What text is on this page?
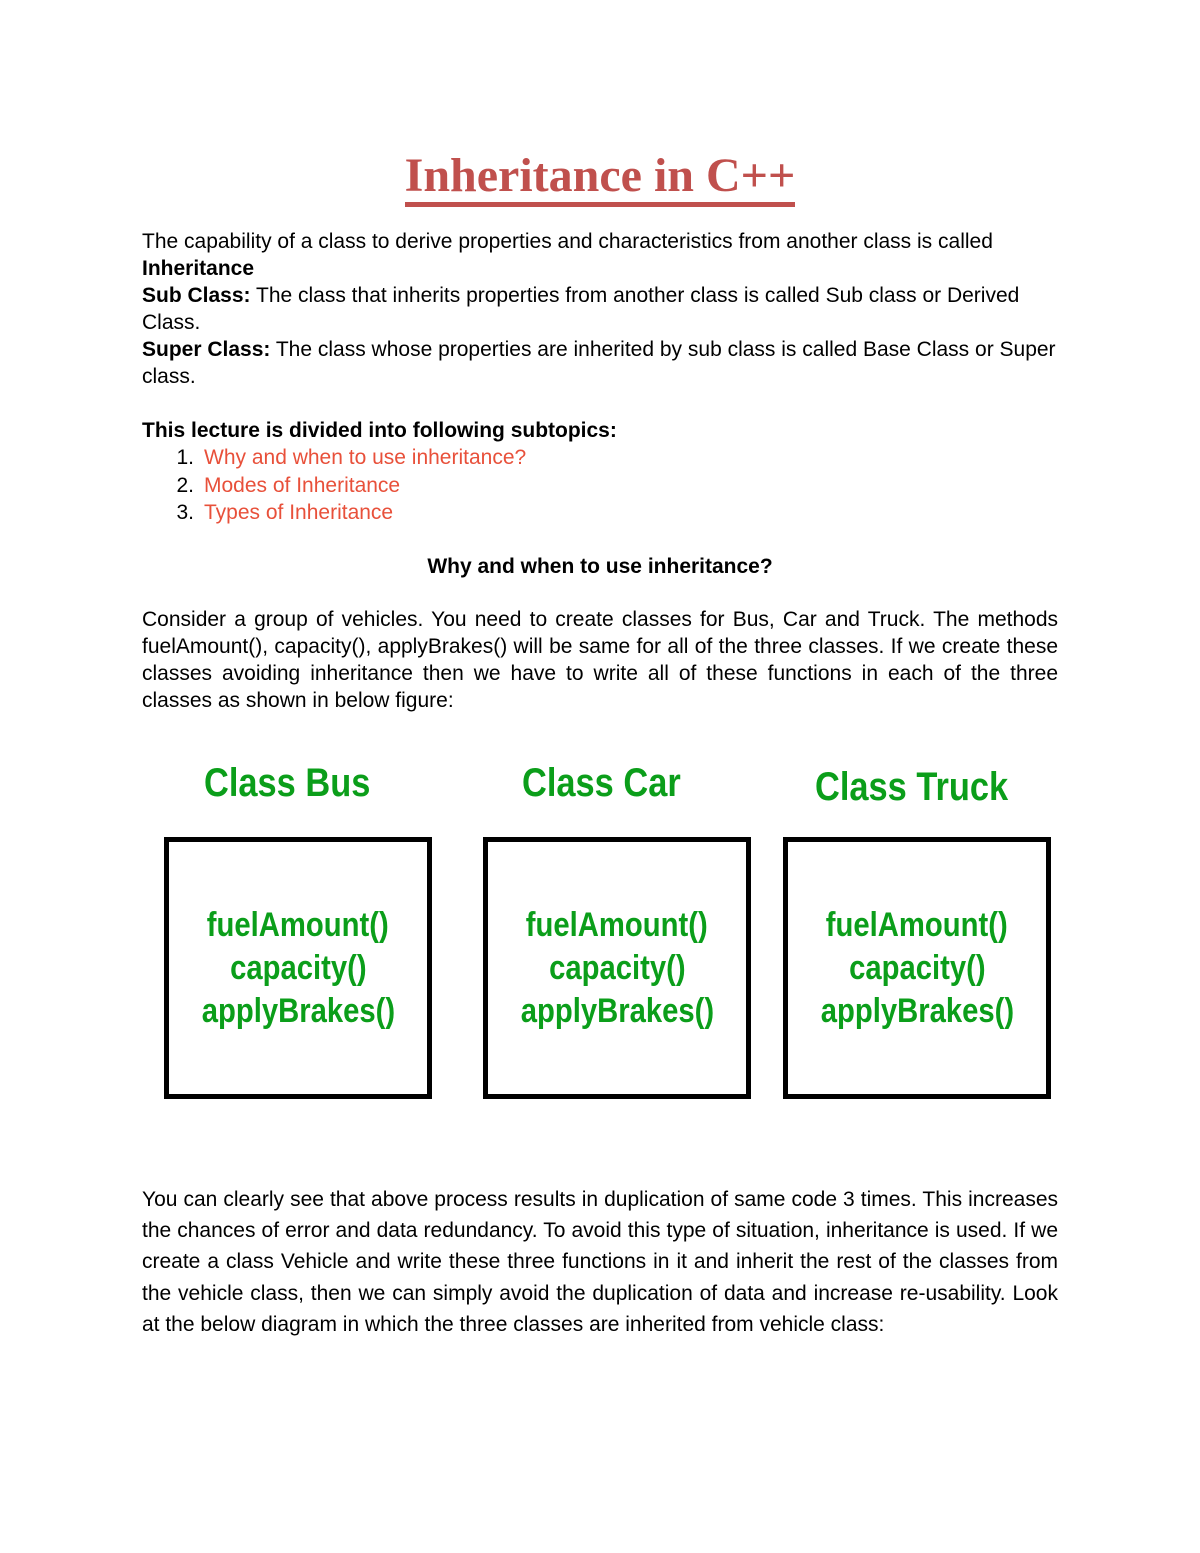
Inheritance in C++
The capability of a class to derive properties and characteristics from another class is called Inheritance
Sub Class: The class that inherits properties from another class is called Sub class or Derived Class.
Super Class: The class whose properties are inherited by sub class is called Base Class or Super class.
This lecture is divided into following subtopics:
1. Why and when to use inheritance?
2. Modes of Inheritance
3. Types of Inheritance
Why and when to use inheritance?
Consider a group of vehicles. You need to create classes for Bus, Car and Truck. The methods fuelAmount(), capacity(), applyBrakes() will be same for all of the three classes. If we create these classes avoiding inheritance then we have to write all of these functions in each of the three classes as shown in below figure:
Class Bus	Class Car	Class Truck
fuelAmount()
capacity()
applyBrakes()
fuelAmount()
capacity()
applyBrakes()
fuelAmount()
capacity()
applyBrakes()
You can clearly see that above process results in duplication of same code 3 times. This increases the chances of error and data redundancy. To avoid this type of situation, inheritance is used. If we create a class Vehicle and write these three functions in it and inherit the rest of the classes from the vehicle class, then we can simply avoid the duplication of data and increase re-usability. Look at the below diagram in which the three classes are inherited from vehicle class:
